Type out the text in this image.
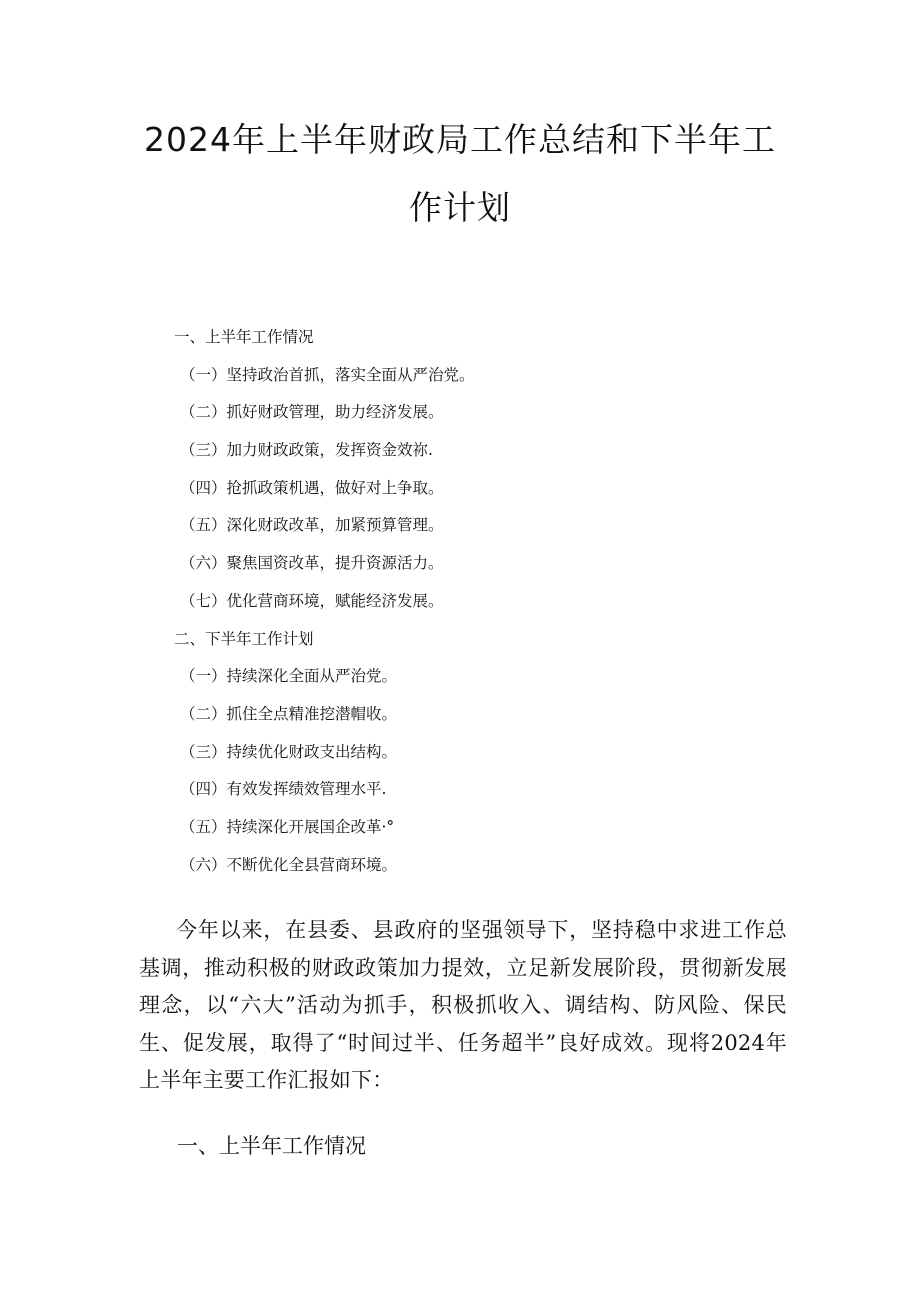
2024年上半年财政局工作总结和下半年工
作计划
一、上半年工作情况
（一）坚持政治首抓，落实全面从严治党。
（二）抓好财政管理，助力经济发展。
（三）加力财政政策，发挥资金效祢.
（四）抢抓政策机遇，做好对上争取。
（五）深化财政改革，加紧预算管理。
（六）聚焦国资改革，提升资源活力。
（七）优化营商环境，赋能经济发展。
二、下半年工作计划
（一）持续深化全面从严治党。
（二）抓住全点精准挖潜帽收。
（三）持续优化财政支出结构。
（四）有效发挥绩效管理水平.
（五）持续深化开展国企改革·°
（六）不断优化全县营商环境。

今年以来，在县委、县政府的坚强领导下，坚持稳中求进工作总基调，推动积极的财政政策加力提效，立足新发展阶段，贯彻新发展理念，以“六大”活动为抓手，积极抓收入、调结构、防风险、保民生、促发展，取得了“时间过半、任务超半”良好成效。现将2024年上半年主要工作汇报如下：

一、上半年工作情况
